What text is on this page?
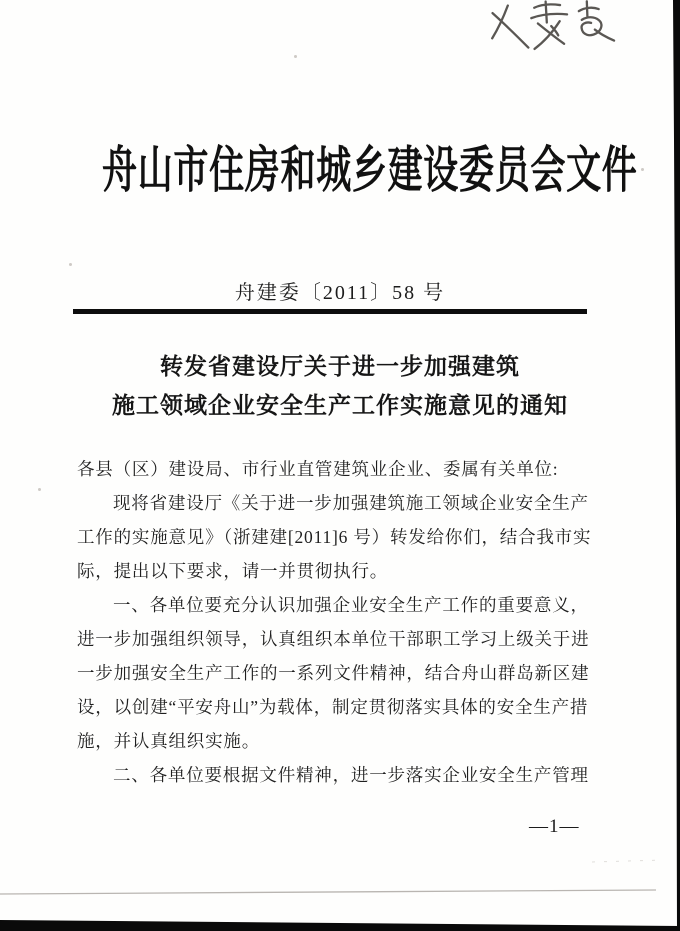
舟山市住房和城乡建设委员会文件
舟建委〔2011〕58 号
转发省建设厅关于进一步加强建筑
施工领域企业安全生产工作实施意见的通知
各县（区）建设局、市行业直管建筑业企业、委属有关单位:
现将省建设厅《关于进一步加强建筑施工领域企业安全生产
工作的实施意见》（浙建建[2011]6 号）转发给你们，结合我市实
际，提出以下要求，请一并贯彻执行。
一、各单位要充分认识加强企业安全生产工作的重要意义，
进一步加强组织领导，认真组织本单位干部职工学习上级关于进
一步加强安全生产工作的一系列文件精神，结合舟山群岛新区建
设，以创建“平安舟山”为载体，制定贯彻落实具体的安全生产措
施，并认真组织实施。
二、各单位要根据文件精神，进一步落实企业安全生产管理
—1—
